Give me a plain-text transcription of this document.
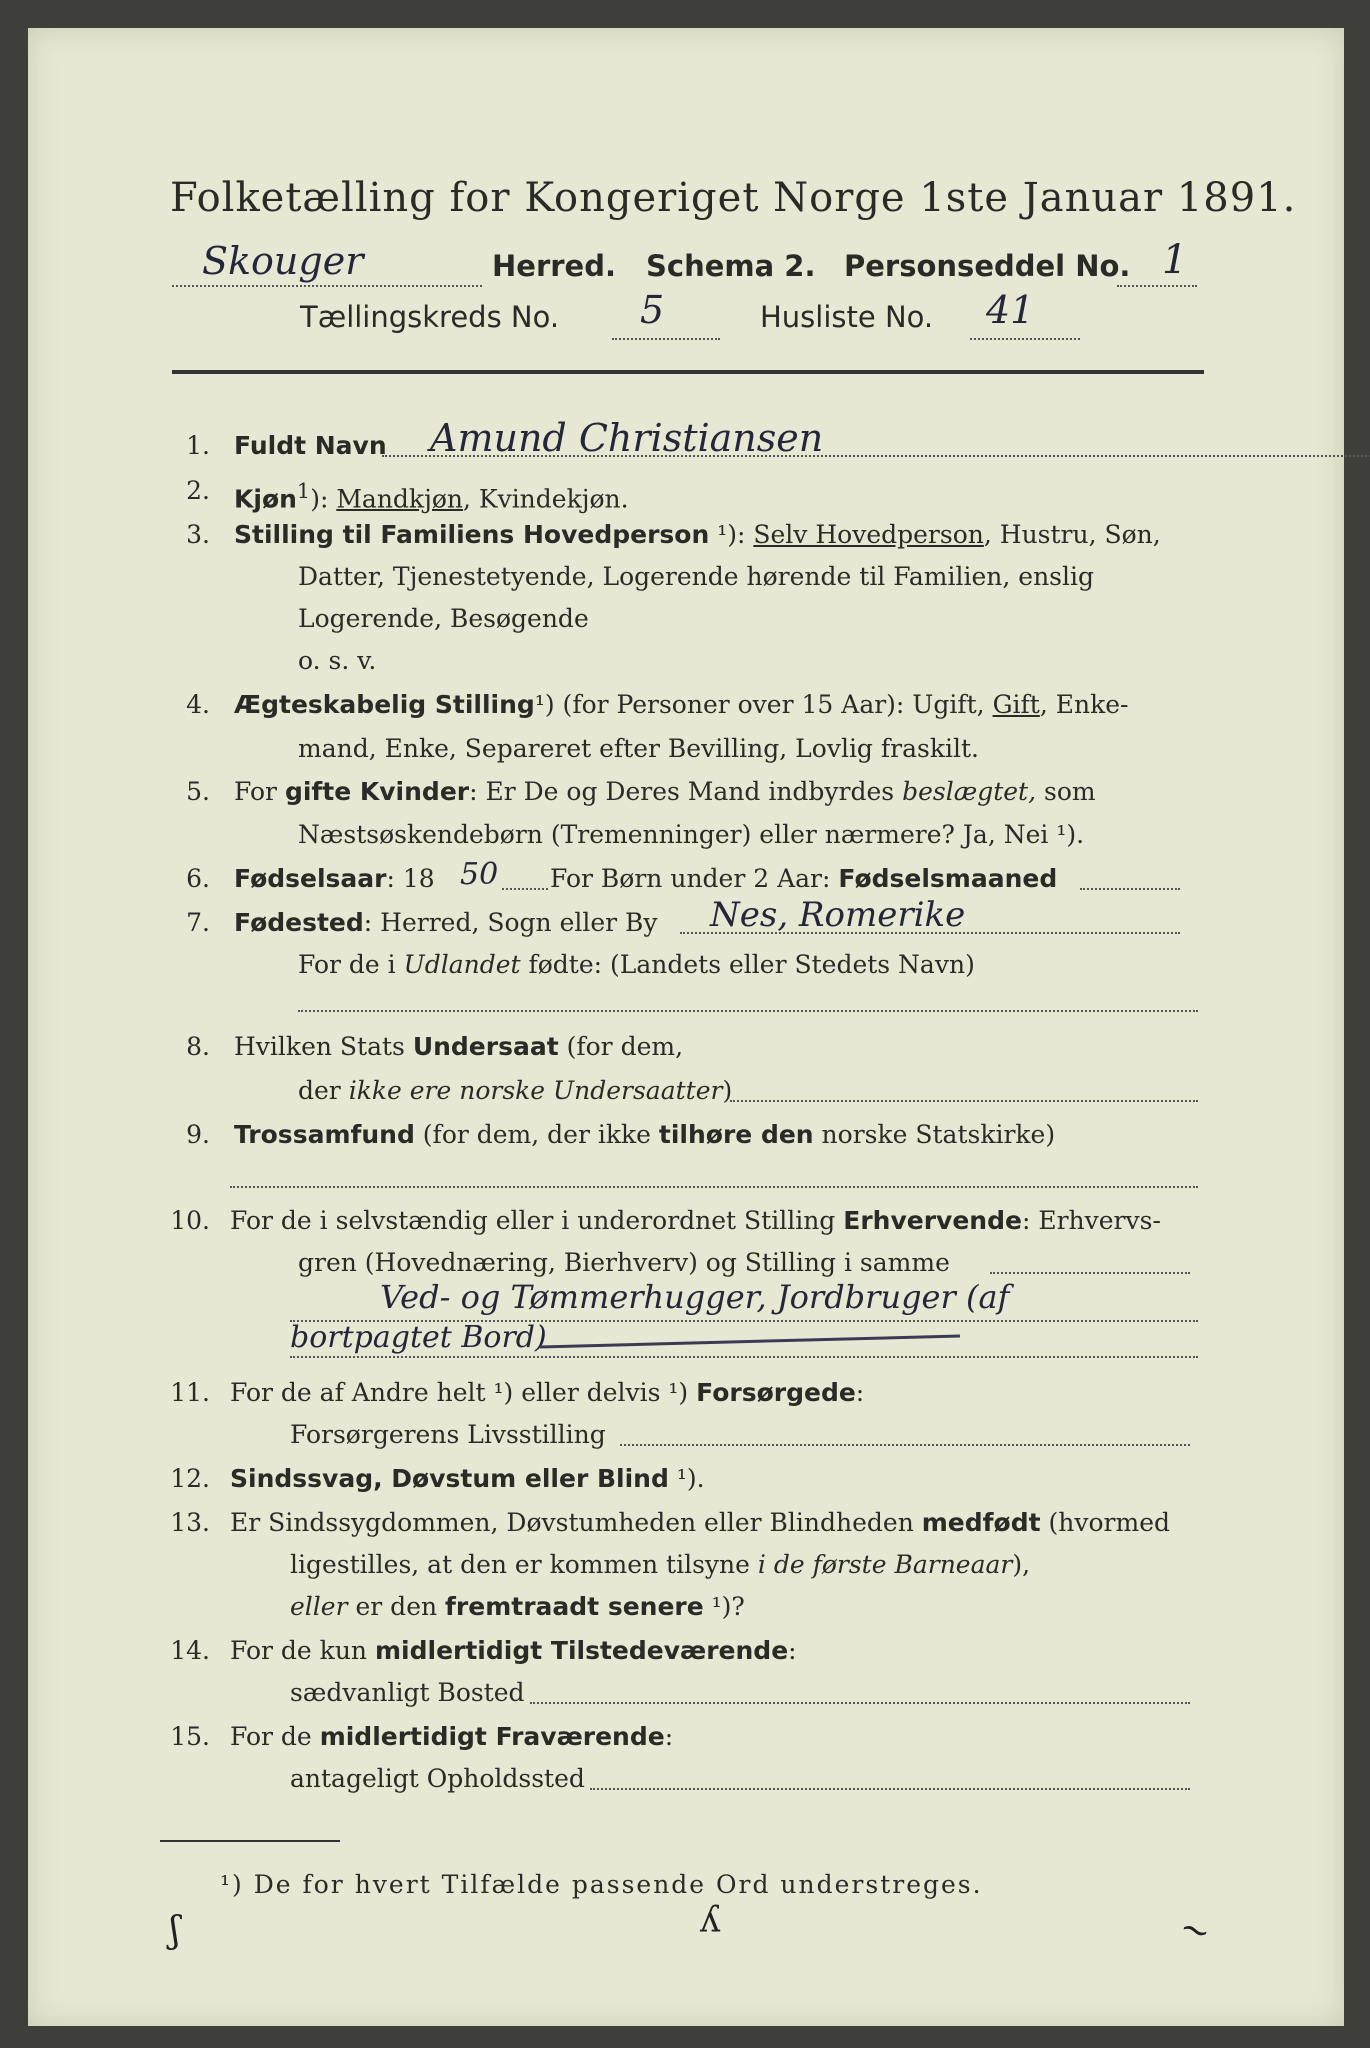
Folketælling for Kongeriget Norge 1ste Januar 1891.
Skouger	Herred. Schema 2. Personseddel No. 1
Tællingskreds No. 5	Husliste No. 41
1. Fuldt Navn Amund Christiansen
2. Kjøn$^1$): Mandkjøn, Kvindekjøn.
3. Stilling til Familiens Hovedperson ¹): Selv Hovedperson, Hustru, Søn,
Datter, Tjenestetyende, Logerende hørende til Familien, enslig
Logerende, Besøgende
o. s. v.
4. Ægteskabelig Stilling¹) (for Personer over 15 Aar): Ugift, Gift, Enke-
mand, Enke, Separeret efter Bevilling, Lovlig fraskilt.
5. For gifte Kvinder: Er De og Deres Mand indbyrdes beslægtet, som
Næstsøskendebørn (Tremenninger) eller nærmere? Ja, Nei ¹).
6. Fødselsaar: 18 50 For Børn under 2 Aar: Fødselsmaaned
7. Fødested: Herred, Sogn eller By Nes, Romerike
For de i Udlandet fødte: (Landets eller Stedets Navn)
8. Hvilken Stats Undersaat (for dem,
der ikke ere norske Undersaatter)
9. Trossamfund (for dem, der ikke tilhøre den norske Statskirke)
10. For de i selvstændig eller i underordnet Stilling Erhvervende: Erhvervs-
gren (Hovednæring, Bierhverv) og Stilling i samme
Ved- og Tømmerhugger, Jordbruger (af
bortpagtet Bord)
11. For de af Andre helt ¹) eller delvis ¹) Forsørgede:
Forsørgerens Livsstilling
12. Sindssvag, Døvstum eller Blind ¹).
13. Er Sindssygdommen, Døvstumheden eller Blindheden medfødt (hvormed
ligestilles, at den er kommen tilsyne i de første Barneaar),
eller er den fremtraadt senere ¹)?
14. For de kun midlertidigt Tilstedeværende:
sædvanligt Bosted
15. For de midlertidigt Fraværende:
antageligt Opholdssted
¹) De for hvert Tilfælde passende Ord understreges.
ʃ	ʎ	~
